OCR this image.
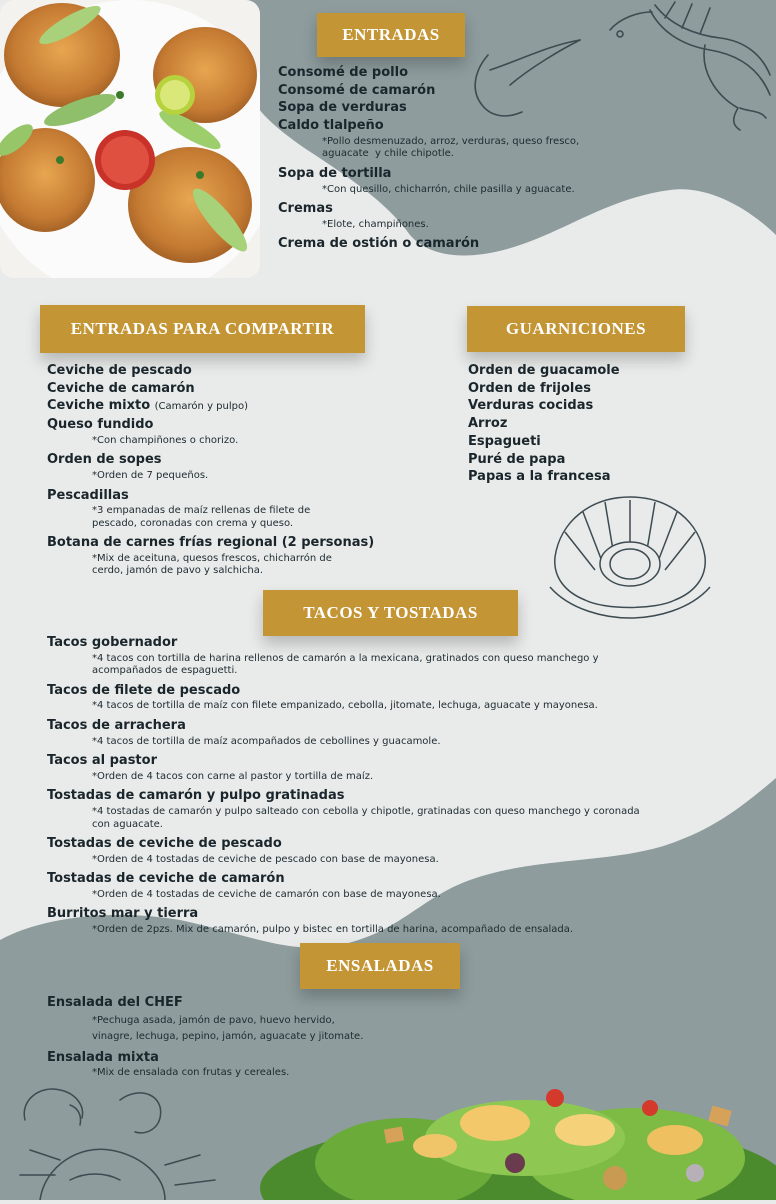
ENTRADAS
ENTRADAS PARA COMPARTIR	GUARNICIONES
TACOS Y TOSTADAS
ENSALADAS
Consomé de pollo
Consomé de camarón
Sopa de verduras
Caldo tlalpeño
*Pollo desmenuzado, arroz, verduras, queso fresco, aguacate  y chile chipotle.
Sopa de tortilla
*Con quesillo, chicharrón, chile pasilla y aguacate.
Cremas
*Elote, champiñones.
Crema de ostión o camarón
Ceviche de pescado
Ceviche de camarón
Ceviche mixto (Camarón y pulpo)
Queso fundido
*Con champiñones o chorizo.
Orden de sopes
*Orden de 7 pequeños.
Pescadillas
*3 empanadas de maíz rellenas de filete de pescado, coronadas con crema y queso.
Botana de carnes frías regional (2 personas)
*Mix de aceituna, quesos frescos, chicharrón de cerdo, jamón de pavo y salchicha.
Orden de guacamole
Orden de frijoles
Verduras cocidas
Arroz
Espagueti
Puré de papa
Papas a la francesa
Tacos gobernador
*4 tacos con tortilla de harina rellenos de camarón a la mexicana, gratinados con queso manchego y acompañados de espaguetti.
Tacos de filete de pescado
*4 tacos de tortilla de maíz con filete empanizado, cebolla, jitomate, lechuga, aguacate y mayonesa.
Tacos de arrachera
*4 tacos de tortilla de maíz acompañados de cebollines y guacamole.
Tacos al pastor
*Orden de 4 tacos con carne al pastor y tortilla de maíz.
Tostadas de camarón y pulpo gratinadas
*4 tostadas de camarón y pulpo salteado con cebolla y chipotle, gratinadas con queso manchego y coronada con aguacate.
Tostadas de ceviche de pescado
*Orden de 4 tostadas de ceviche de pescado con base de mayonesa.
Tostadas de ceviche de camarón
*Orden de 4 tostadas de ceviche de camarón con base de mayonesa.
Burritos mar y tierra
*Orden de 2pzs. Mix de camarón, pulpo y bistec en tortilla de harina, acompañado de ensalada.
Ensalada del CHEF
*Pechuga asada, jamón de pavo, huevo hervido, vinagre, lechuga, pepino, jamón, aguacate y jitomate.
Ensalada mixta
*Mix de ensalada con frutas y cereales.
